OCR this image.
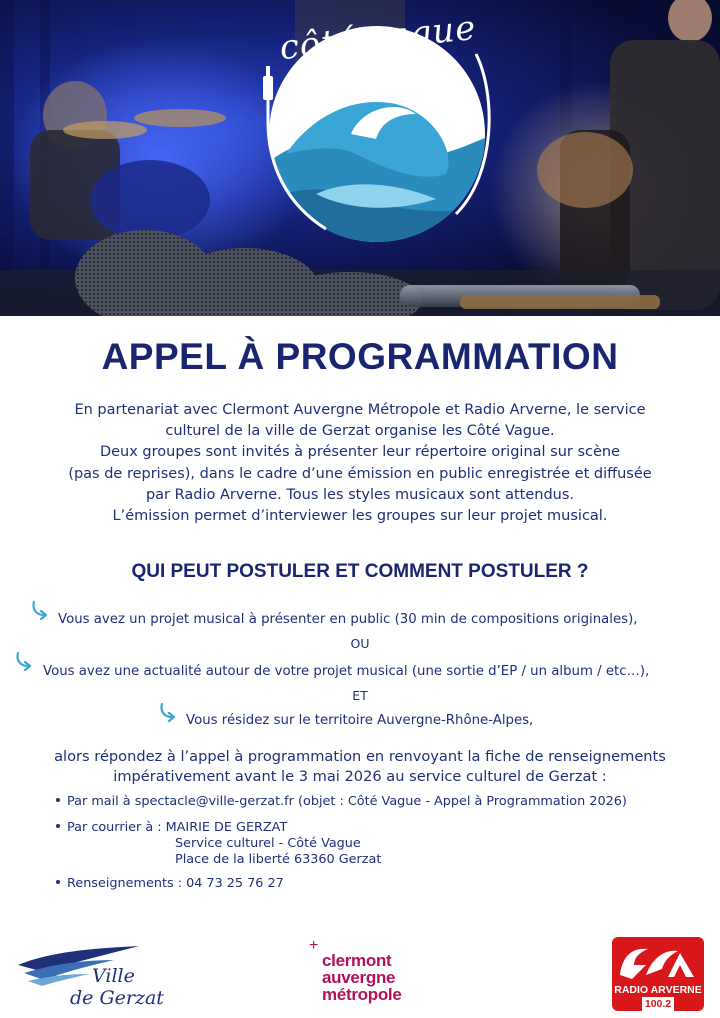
côté vague
APPEL À PROGRAMMATION
En partenariat avec Clermont Auvergne Métropole et Radio Arverne, le service
culturel de la ville de Gerzat organise les Côté Vague.
Deux groupes sont invités à présenter leur répertoire original sur scène
(pas de reprises), dans le cadre d’une émission en public enregistrée et diffusée
par Radio Arverne. Tous les styles musicaux sont attendus.
L’émission permet d’interviewer les groupes sur leur projet musical.
QUI PEUT POSTULER ET COMMENT POSTULER ?
Vous avez un projet musical à présenter en public (30 min de compositions originales),
OU
Vous avez une actualité autour de votre projet musical (une sortie d’EP / un album / etc…),
ET
Vous résidez sur le territoire Auvergne-Rhône-Alpes,
alors répondez à l’appel à programmation en renvoyant la fiche de renseignements
impérativement avant le 3 mai 2026 au service culturel de Gerzat :
Par mail à spectacle@ville-gerzat.fr (objet : Côté Vague - Appel à Programmation 2026)
Par courrier à : MAIRIE DE GERZAT
Service culturel - Côté Vague
Place de la liberté 63360 Gerzat
Renseignements : 04 73 25 76 27
Ville
de Gerzat
+
clermont
auvergne
métropole	RADIO ARVERNE
100.2
